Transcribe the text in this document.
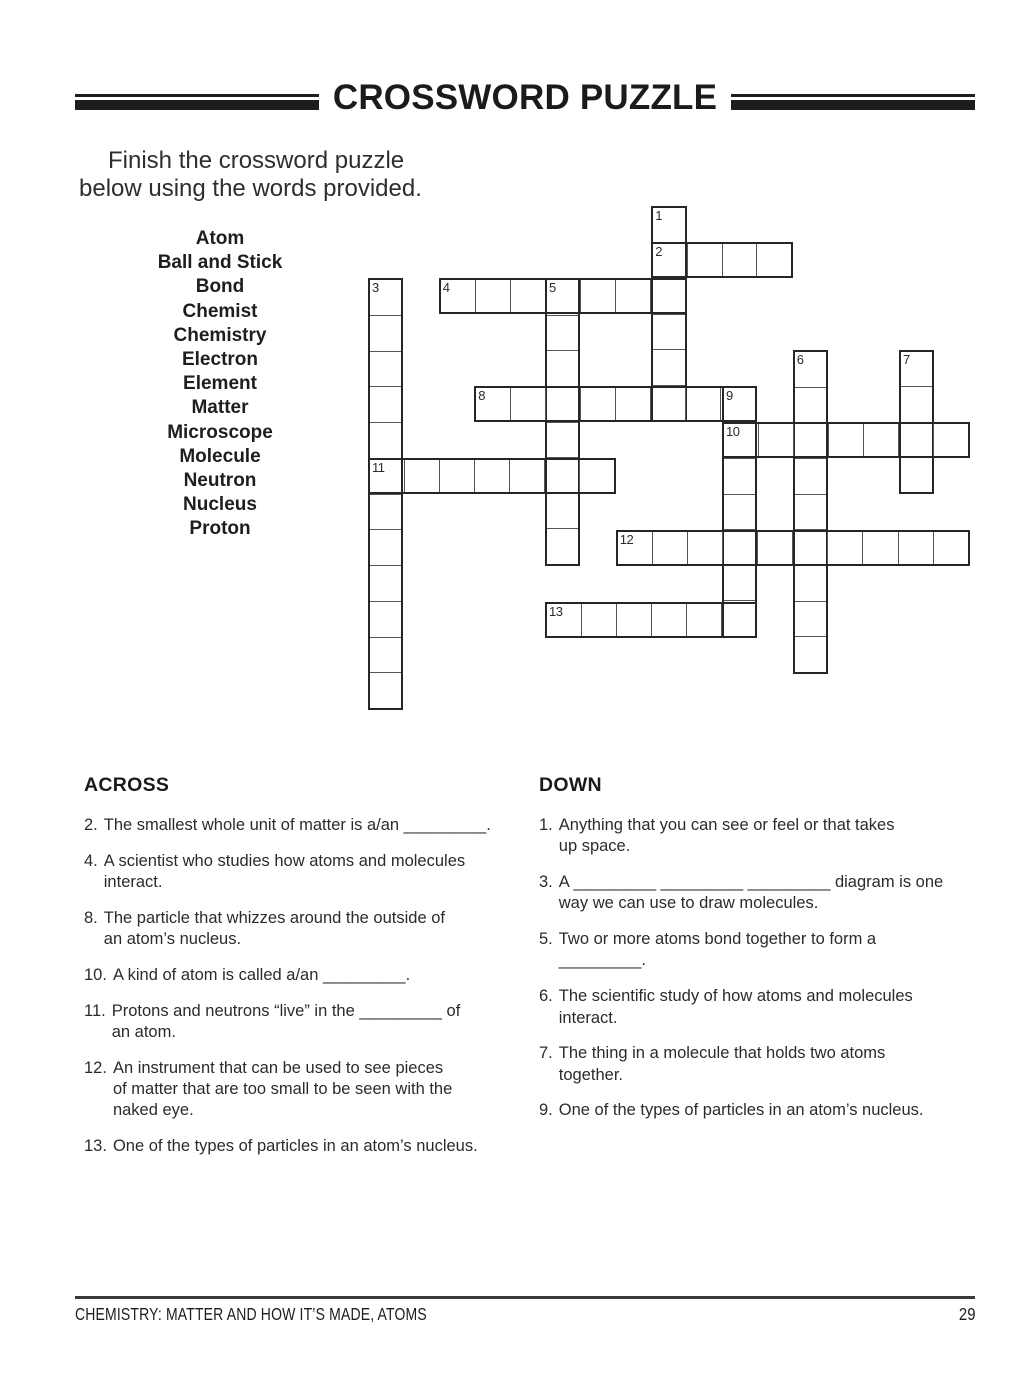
CROSSWORD PUZZLE
Finish the crossword puzzle
below using the words provided.
Atom
Ball and Stick
Bond
Chemist
Chemistry
Electron
Element
Matter
Microscope
Molecule
Neutron
Nucleus
Proton
1
2
3	4	5
6	7
8	9
10
11
12
13
ACROSS
2. The smallest whole unit of matter is a/an _________.
4. A scientist who studies how atoms and molecules
interact.
8. The particle that whizzes around the outside of
an atom’s nucleus.
10. A kind of atom is called a/an _________.
11. Protons and neutrons “live” in the _________ of
an atom.
12. An instrument that can be used to see pieces
of matter that are too small to be seen with the
naked eye.
13. One of the types of particles in an atom’s nucleus.
DOWN
1. Anything that you can see or feel or that takes
up space.
3. A _________ _________ _________ diagram is one
way we can use to draw molecules.
5. Two or more atoms bond together to form a
_________.
6. The scientific study of how atoms and molecules
interact.
7. The thing in a molecule that holds two atoms
together.
9. One of the types of particles in an atom’s nucleus.
CHEMISTRY: MATTER AND HOW IT’S MADE, ATOMS	29
